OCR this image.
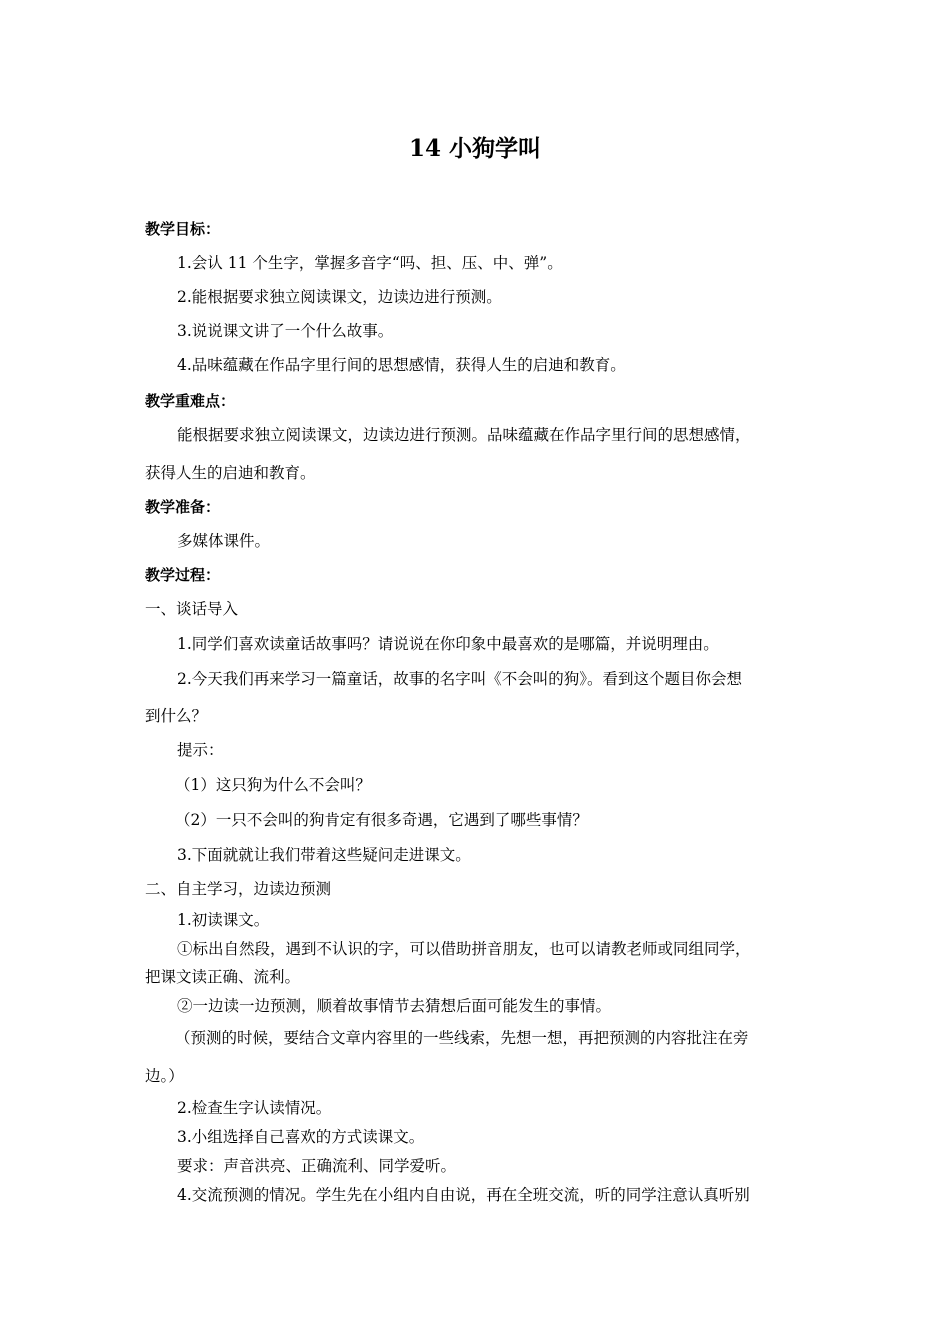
14 小狗学叫

教学目标：

1.会认 11 个生字，掌握多音字“吗、担、压、中、弹”。

2.能根据要求独立阅读课文，边读边进行预测。

3.说说课文讲了一个什么故事。

4.品味蕴藏在作品字里行间的思想感情，获得人生的启迪和教育。

教学重难点：

能根据要求独立阅读课文，边读边进行预测。品味蕴藏在作品字里行间的思想感情，

获得人生的启迪和教育。

教学准备：

多媒体课件。

教学过程：

一、谈话导入

1.同学们喜欢读童话故事吗？请说说在你印象中最喜欢的是哪篇，并说明理由。

2.今天我们再来学习一篇童话，故事的名字叫《不会叫的狗》。看到这个题目你会想

到什么？

提示：

（1）这只狗为什么不会叫？

（2）一只不会叫的狗肯定有很多奇遇，它遇到了哪些事情？

3.下面就就让我们带着这些疑问走进课文。

二、自主学习，边读边预测

1.初读课文。

①标出自然段，遇到不认识的字，可以借助拼音朋友，也可以请教老师或同组同学，

把课文读正确、流利。

②一边读一边预测，顺着故事情节去猜想后面可能发生的事情。

（预测的时候，要结合文章内容里的一些线索，先想一想，再把预测的内容批注在旁

边。）

2.检查生字认读情况。

3.小组选择自己喜欢的方式读课文。

要求：声音洪亮、正确流利、同学爱听。

4.交流预测的情况。学生先在小组内自由说，再在全班交流，听的同学注意认真听别
